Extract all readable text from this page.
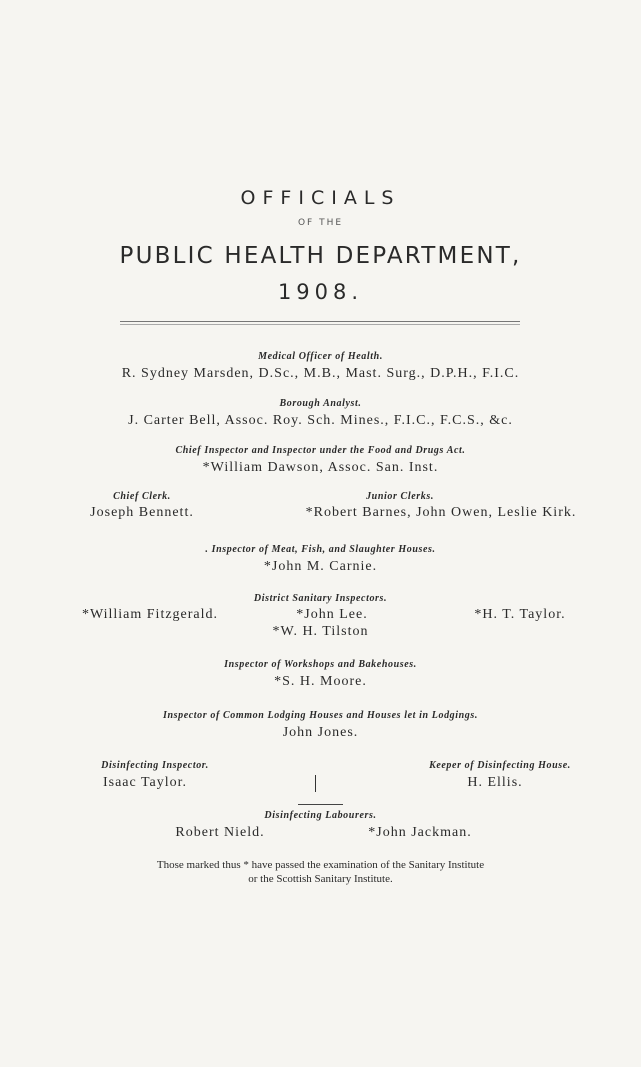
OFFICIALS
OF THE
PUBLIC HEALTH DEPARTMENT,
1908.
Medical Officer of Health.
R. Sydney Marsden, D.Sc., M.B., Mast. Surg., D.P.H., F.I.C.
Borough Analyst.
J. Carter Bell, Assoc. Roy. Sch. Mines., F.I.C., F.C.S., &c.
Chief Inspector and Inspector under the Food and Drugs Act.
*William Dawson, Assoc. San. Inst.
Chief Clerk.
Joseph Bennett.
Junior Clerks.
*Robert Barnes, John Owen, Leslie Kirk.
. Inspector of Meat, Fish, and Slaughter Houses.
*John M. Carnie.
District Sanitary Inspectors.
*William Fitzgerald.	*John Lee.	*H. T. Taylor.
*W. H. Tilston
Inspector of Workshops and Bakehouses.
*S. H. Moore.
Inspector of Common Lodging Houses and Houses let in Lodgings.
John Jones.
Disinfecting Inspector.
Isaac Taylor.
Keeper of Disinfecting House.
H. Ellis.
Disinfecting Labourers.
Robert Nield.	*John Jackman.
Those marked thus * have passed the examination of the Sanitary Institute
or the Scottish Sanitary Institute.
